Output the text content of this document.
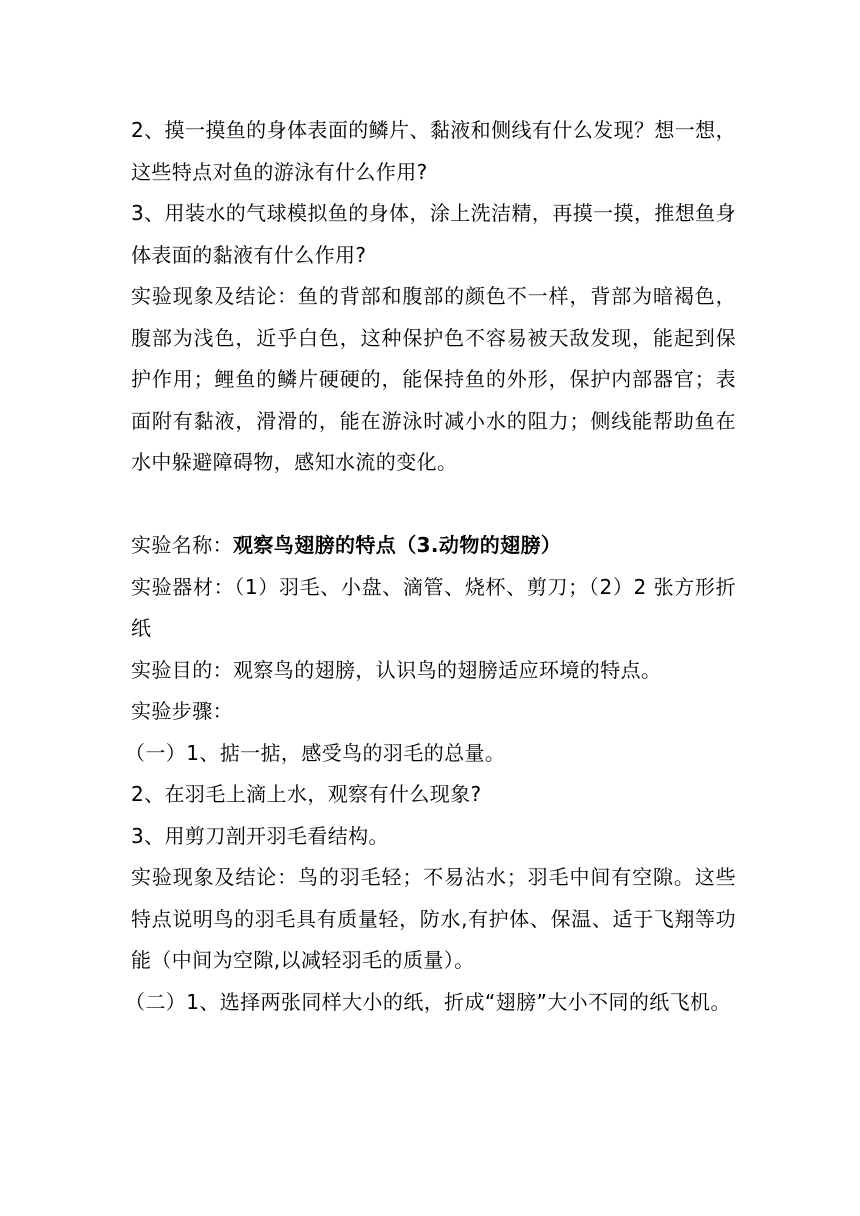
2、摸一摸鱼的身体表面的鳞片、黏液和侧线有什么发现？想一想，这些特点对鱼的游泳有什么作用?

3、用装水的气球模拟鱼的身体，涂上洗洁精，再摸一摸，推想鱼身体表面的黏液有什么作用?

实验现象及结论：鱼的背部和腹部的颜色不一样，背部为暗褐色，腹部为浅色，近乎白色，这种保护色不容易被天敌发现，能起到保护作用；鲤鱼的鳞片硬硬的，能保持鱼的外形，保护内部器官；表面附有黏液，滑滑的，能在游泳时减小水的阻力；侧线能帮助鱼在水中躲避障碍物，感知水流的变化。

实验名称：观察鸟翅膀的特点（3.动物的翅膀）

实验器材：（1）羽毛、小盘、滴管、烧杯、剪刀；（2）2 张方形折纸

实验目的：观察鸟的翅膀，认识鸟的翅膀适应环境的特点。

实验步骤：

（一）1、掂一掂，感受鸟的羽毛的总量。

2、在羽毛上滴上水，观察有什么现象?

3、用剪刀剖开羽毛看结构。

实验现象及结论：鸟的羽毛轻；不易沾水；羽毛中间有空隙。这些特点说明鸟的羽毛具有质量轻，防水,有护体、保温、适于飞翔等功能（中间为空隙,以减轻羽毛的质量）。

（二）1、选择两张同样大小的纸，折成“翅膀”大小不同的纸飞机。
